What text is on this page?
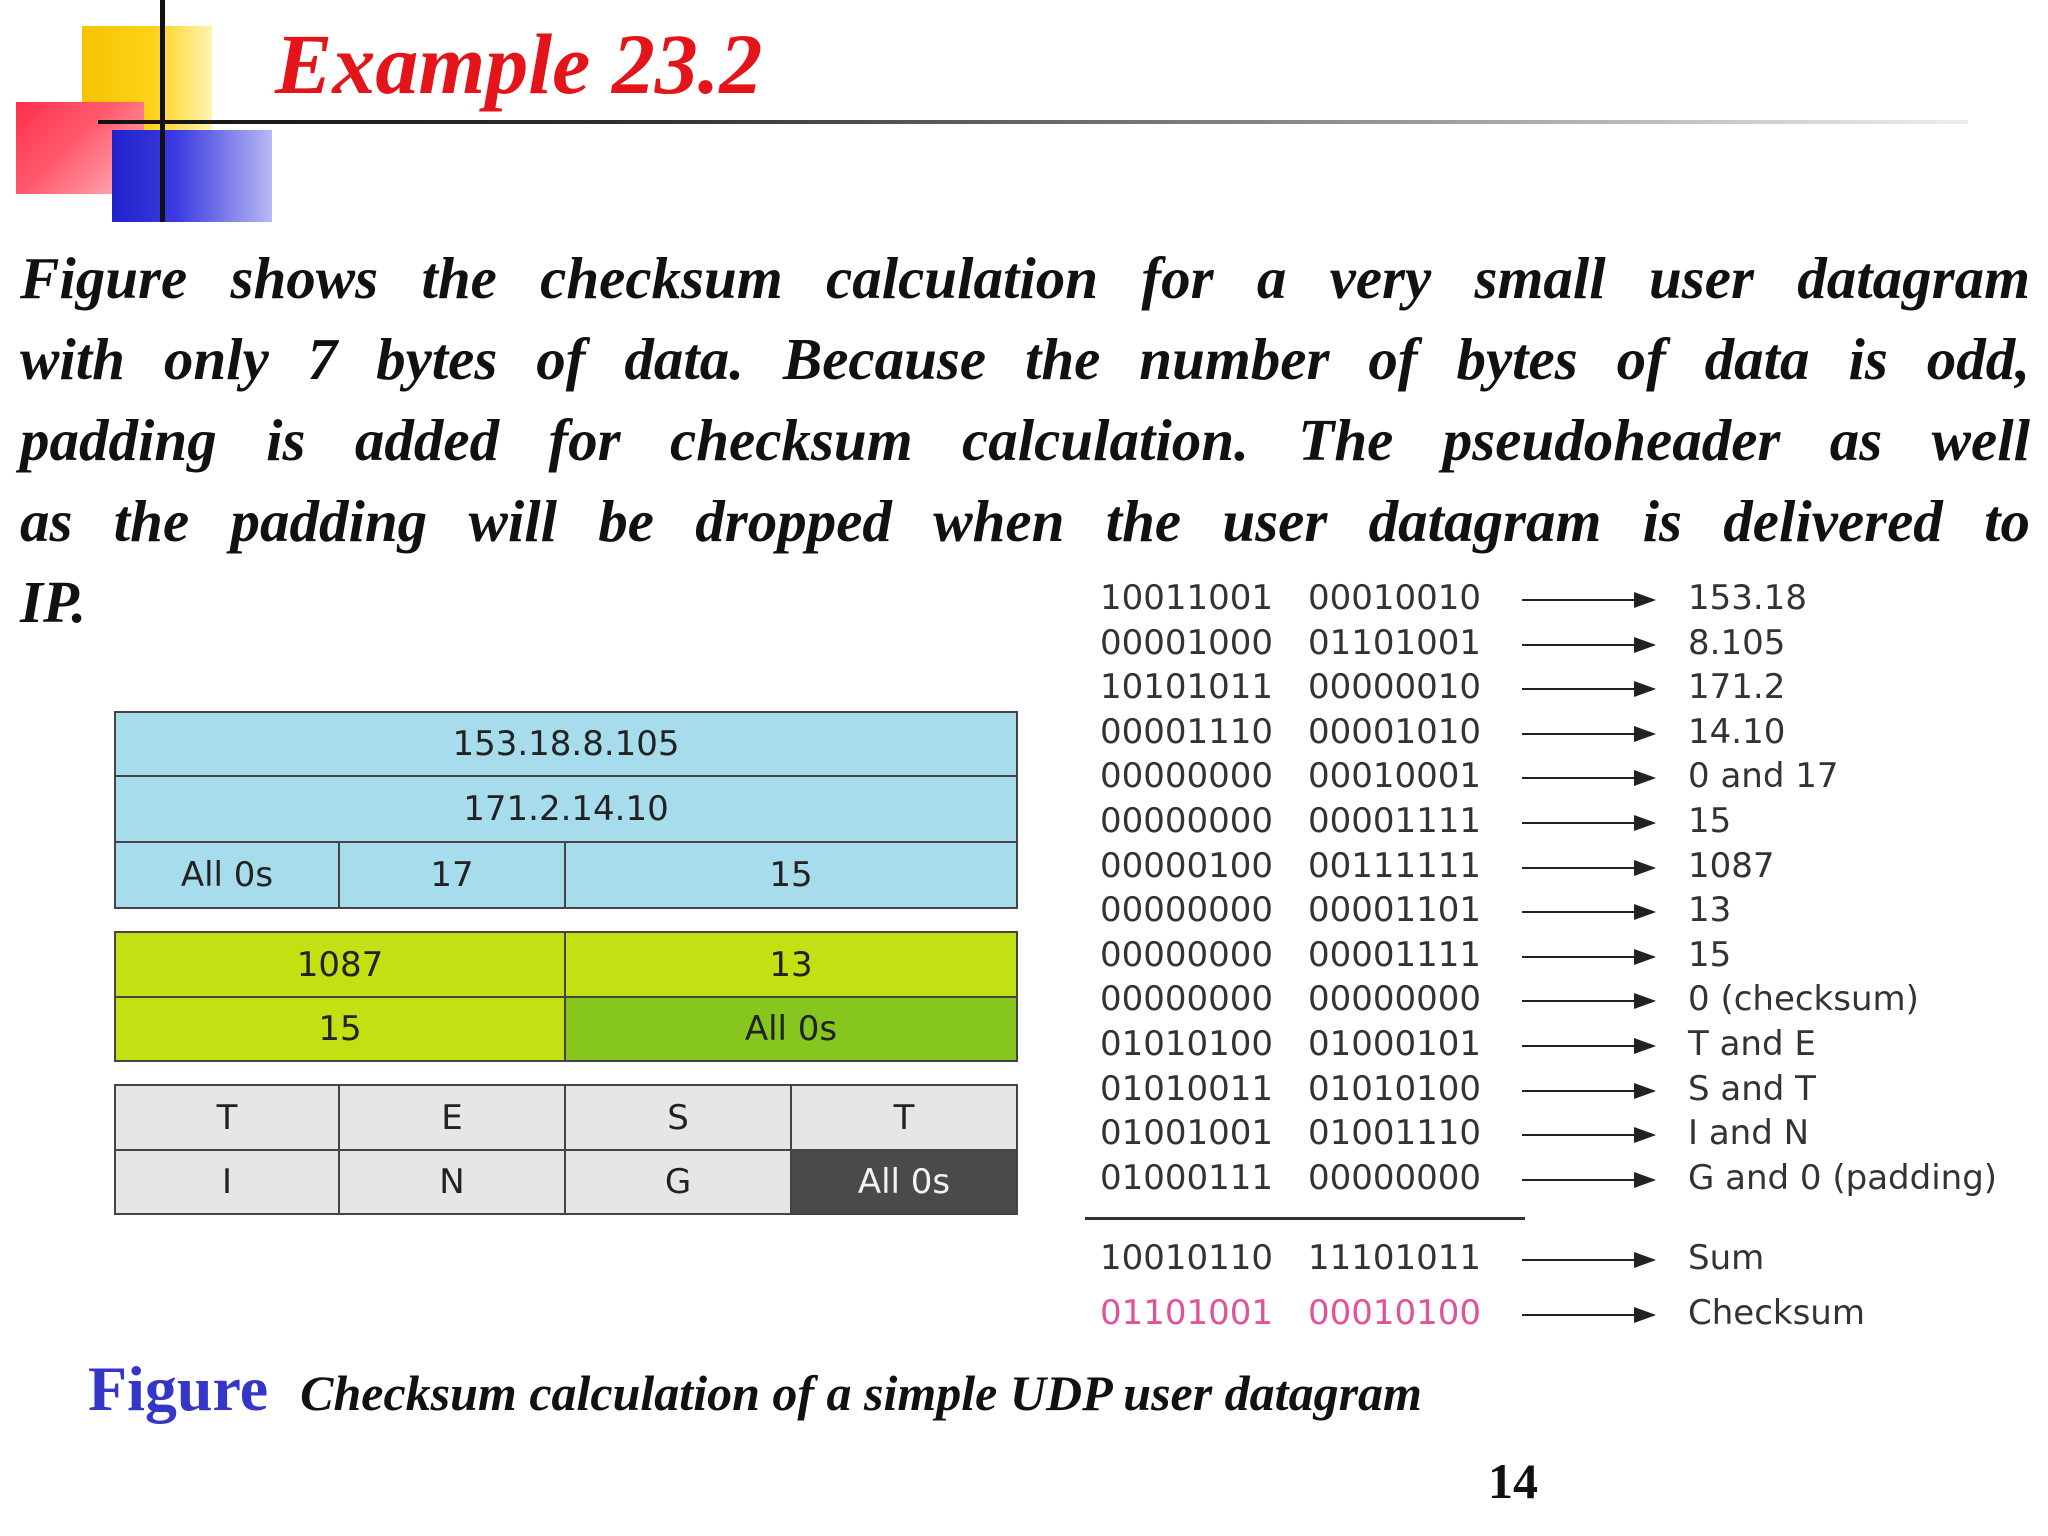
Example 23.2
Figure shows the checksum calculation for a very small user datagram
with only 7 bytes of data. Because the number of bytes of data is odd,
padding is added for checksum calculation. The pseudoheader as well
as the padding will be dropped when the user datagram is delivered to
IP.
153.18.8.105
171.2.14.10
All 0s	17	15
1087	13
15	All 0s
T	E	S	T
I	N	G	All 0s
10011001 00010010	153.18
00001000 01101001	8.105
10101011 00000010	171.2
00001110 00001010	14.10
00000000 00010001	0 and 17
00000000 00001111	15
00000100 00111111	1087
00000000 00001101	13
00000000 00001111	15
00000000 00000000	0 (checksum)
01010100 01000101	T and E
01010011 01010100	S and T
01001001 01001110	I and N
01000111 00000000	G and 0 (padding)
10010110 11101011	Sum
01101001 00010100	Checksum
Figure Checksum calculation of a simple UDP user datagram
14
